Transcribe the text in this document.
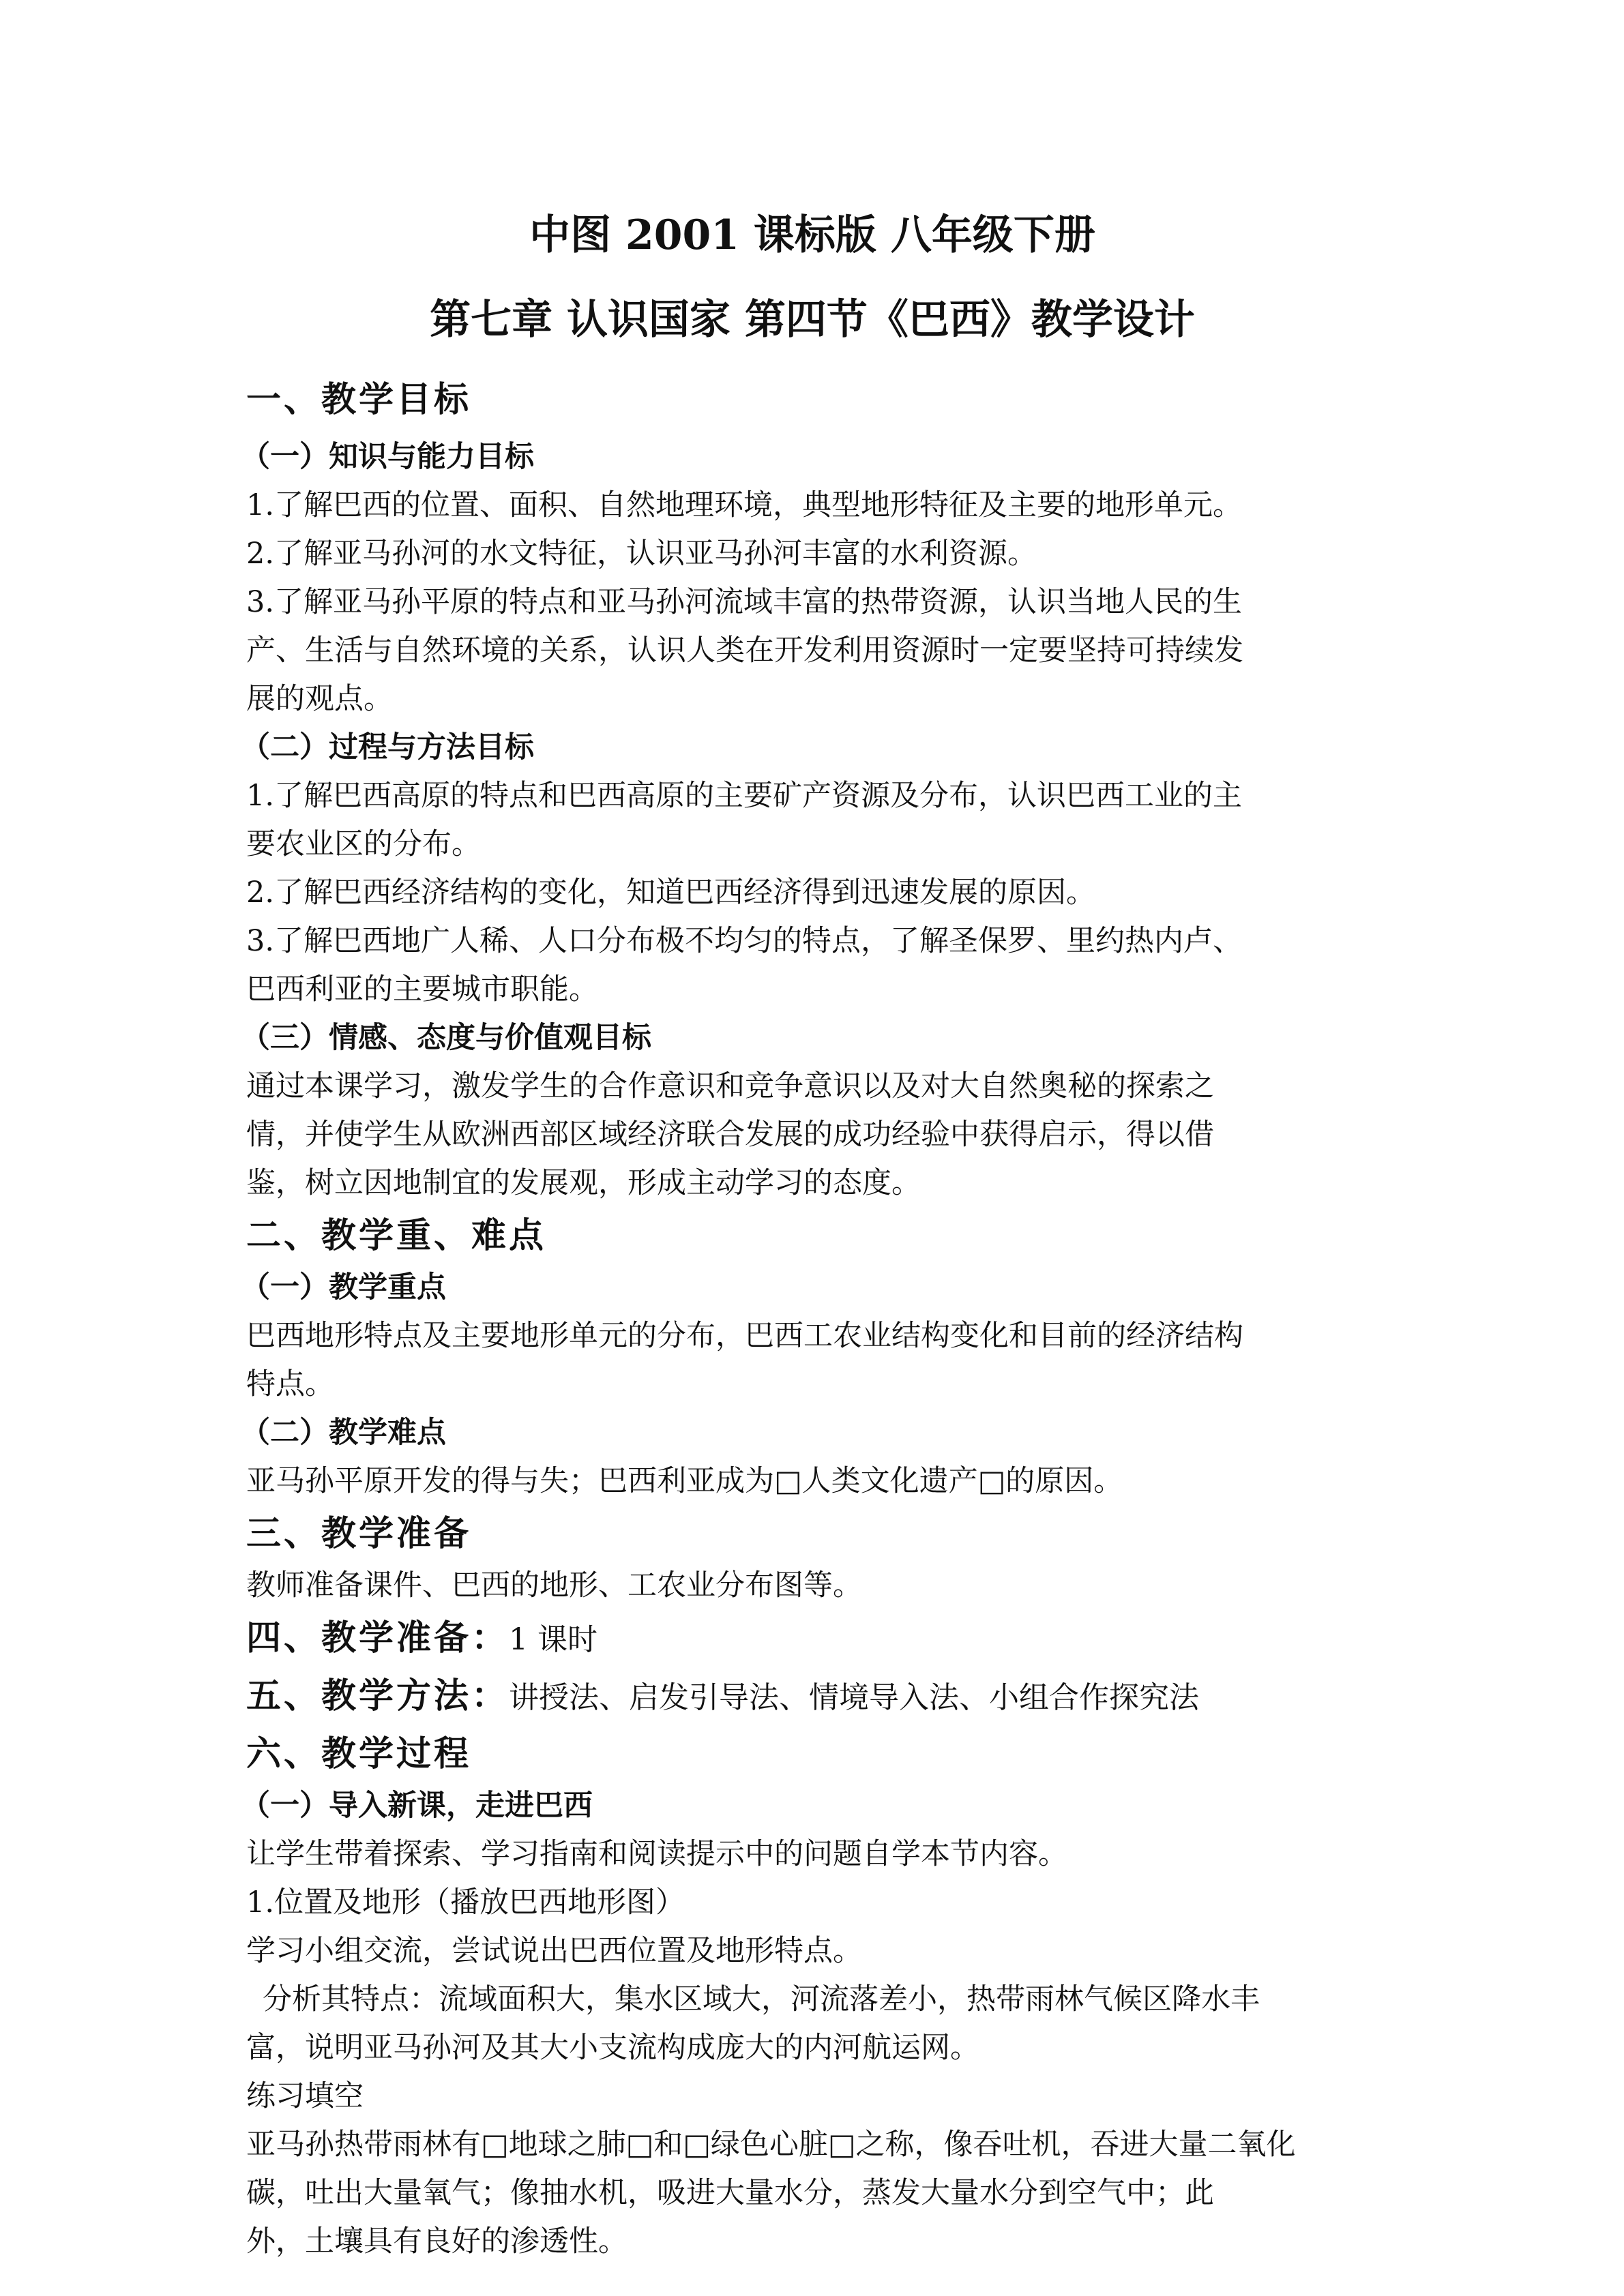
中图 2001 课标版 八年级下册

第七章 认识国家 第四节《巴西》教学设计

一、教学目标

（一）知识与能力目标

1.了解巴西的位置、面积、自然地理环境，典型地形特征及主要的地形单元。

2.了解亚马孙河的水文特征，认识亚马孙河丰富的水利资源。

3.了解亚马孙平原的特点和亚马孙河流域丰富的热带资源，认识当地人民的生

产、生活与自然环境的关系，认识人类在开发利用资源时一定要坚持可持续发

展的观点。

（二）过程与方法目标

1.了解巴西高原的特点和巴西高原的主要矿产资源及分布，认识巴西工业的主

要农业区的分布。

2.了解巴西经济结构的变化，知道巴西经济得到迅速发展的原因。

3.了解巴西地广人稀、人口分布极不均匀的特点，了解圣保罗、里约热内卢、

巴西利亚的主要城市职能。

（三）情感、态度与价值观目标

通过本课学习，激发学生的合作意识和竞争意识以及对大自然奥秘的探索之

情，并使学生从欧洲西部区域经济联合发展的成功经验中获得启示，得以借

鉴，树立因地制宜的发展观，形成主动学习的态度。

二、教学重、难点

（一）教学重点

巴西地形特点及主要地形单元的分布，巴西工农业结构变化和目前的经济结构

特点。

（二）教学难点

亚马孙平原开发的得与失；巴西利亚成为□人类文化遗产□的原因。

三、教学准备

教师准备课件、巴西的地形、工农业分布图等。

四、教学准备：1 课时

五、教学方法：讲授法、启发引导法、情境导入法、小组合作探究法

六、教学过程

（一）导入新课，走进巴西

让学生带着探索、学习指南和阅读提示中的问题自学本节内容。

1.位置及地形（播放巴西地形图）

学习小组交流，尝试说出巴西位置及地形特点。

分析其特点：流域面积大，集水区域大，河流落差小，热带雨林气候区降水丰

富，说明亚马孙河及其大小支流构成庞大的内河航运网。

练习填空

亚马孙热带雨林有□地球之肺□和□绿色心脏□之称，像吞吐机，吞进大量二氧化

碳，吐出大量氧气；像抽水机，吸进大量水分，蒸发大量水分到空气中；此

外，土壤具有良好的渗透性。
